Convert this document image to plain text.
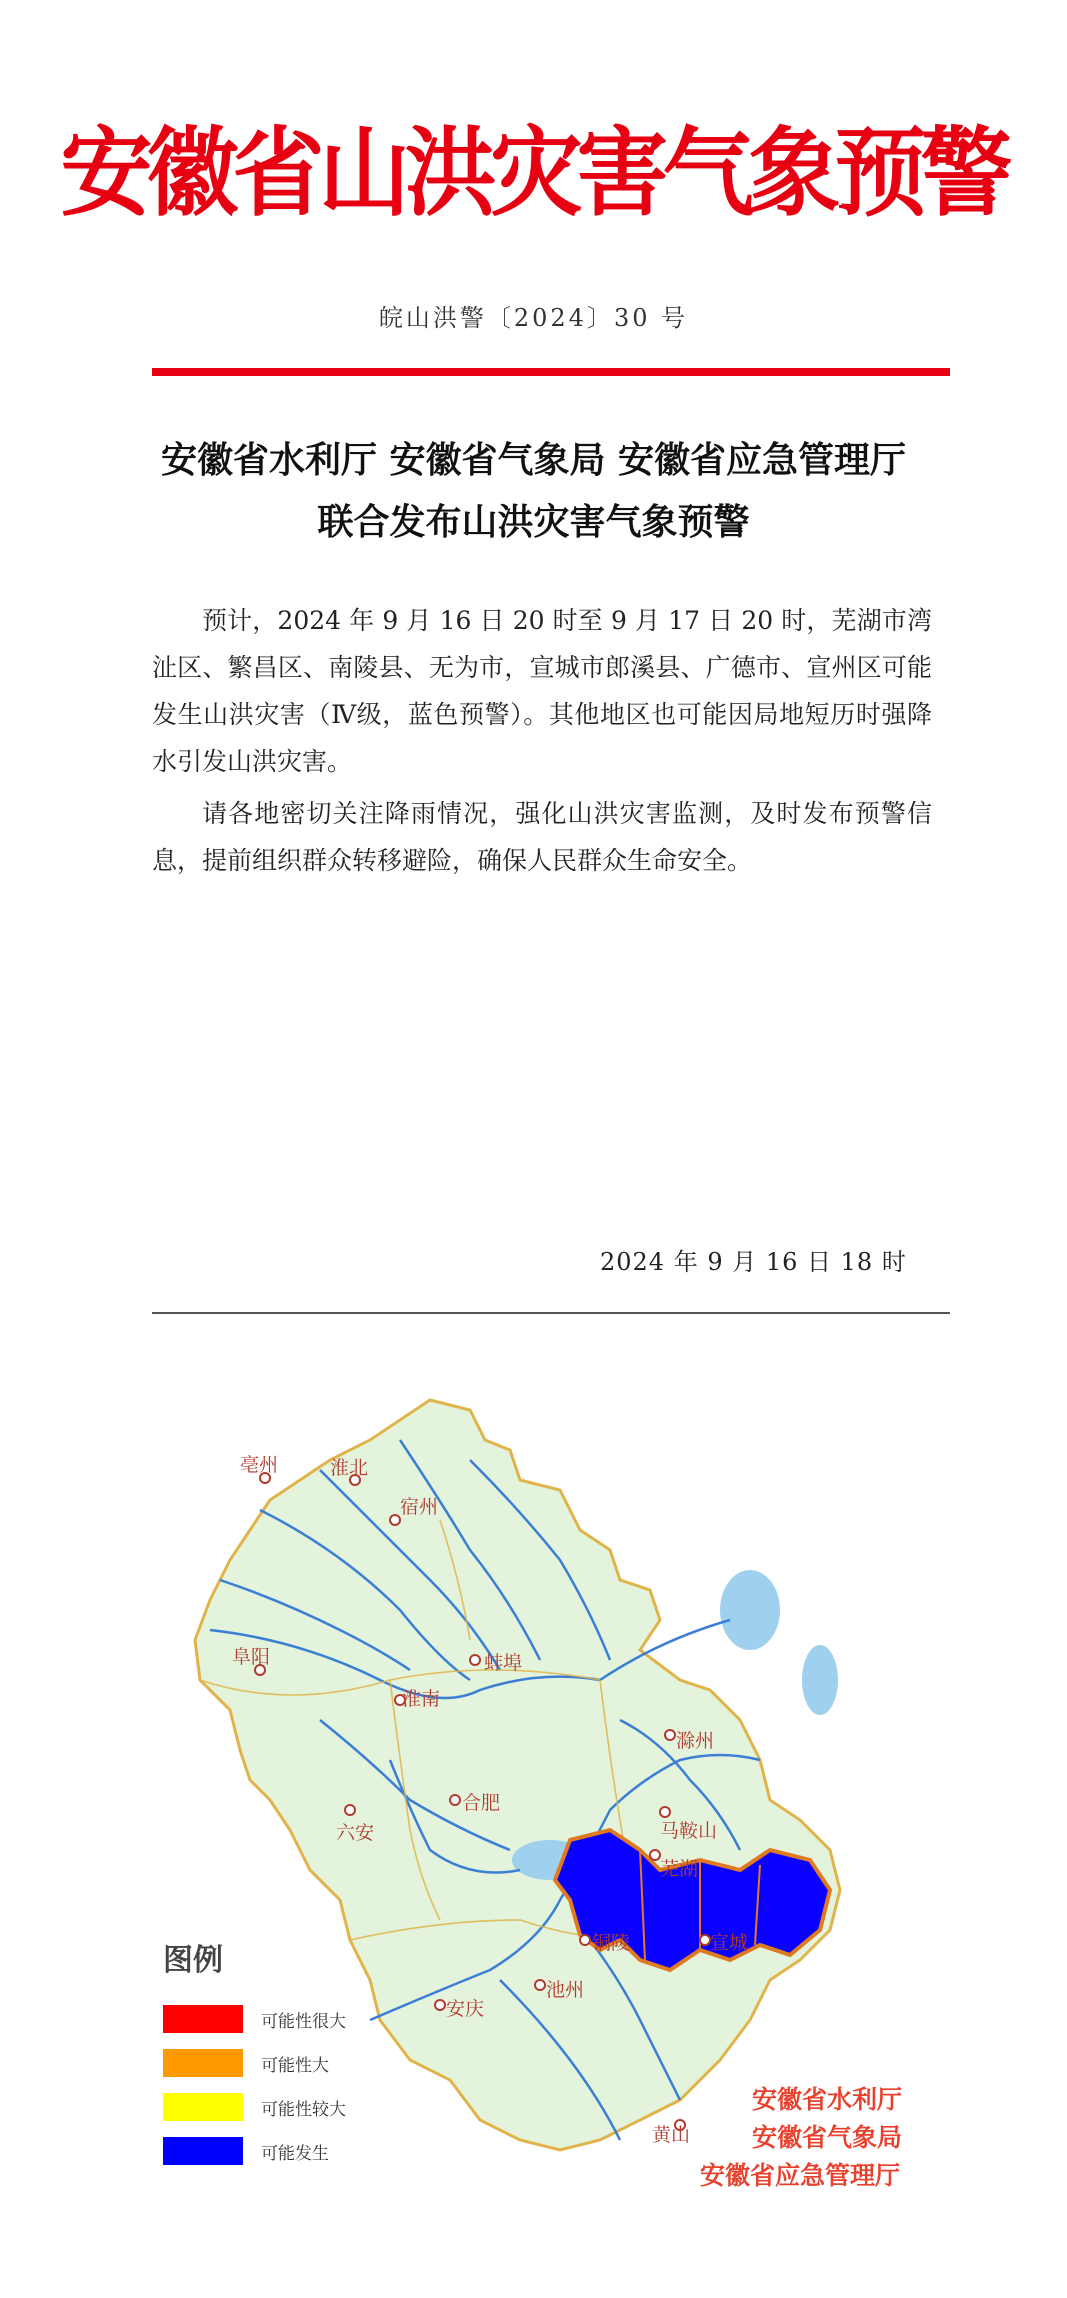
安徽省山洪灾害气象预警
皖山洪警〔2024〕30 号
安徽省水利厅 安徽省气象局 安徽省应急管理厅
联合发布山洪灾害气象预警

预计，2024 年 9 月 16 日 20 时至 9 月 17 日 20 时，芜湖市湾沚区、繁昌区、南陵县、无为市，宣城市郎溪县、广德市、宣州区可能发生山洪灾害（Ⅳ级，蓝色预警）。其他地区也可能因局地短历时强降水引发山洪灾害。

请各地密切关注降雨情况，强化山洪灾害监测，及时发布预警信息，提前组织群众转移避险，确保人民群众生命安全。

2024 年 9 月 16 日 18 时
亳州	淮北
宿州
阜阳	蚌埠
淮南
滁州
六安
合肥
马鞍山
芜湖
铜陵	宣城
池州
安庆
黄山
图例
可能性很大
可能性大
可能性较大
可能发生
安徽省水利厅
安徽省气象局
安徽省应急管理厅
